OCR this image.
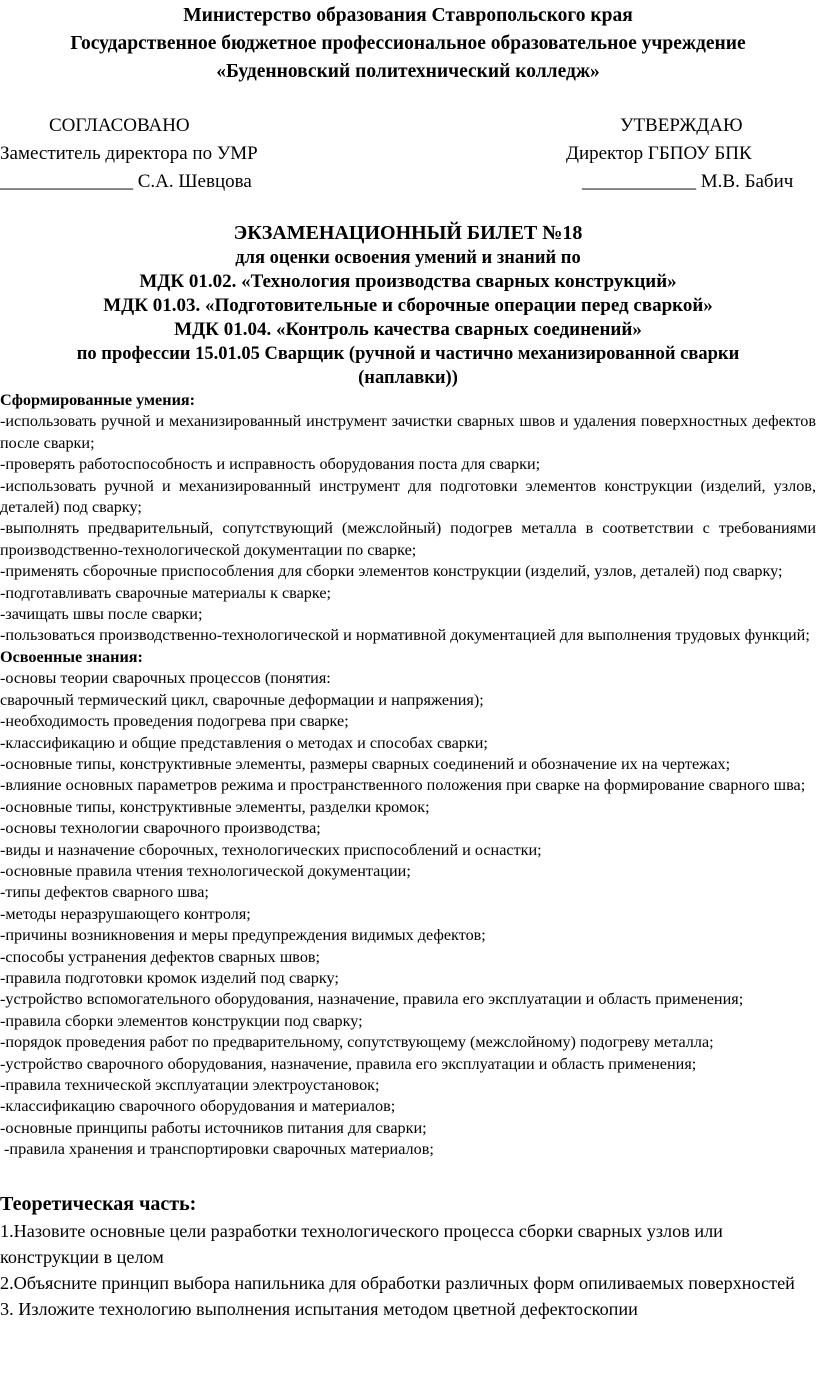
Министерство образования Ставропольского края
Государственное бюджетное профессиональное образовательное учреждение
«Буденновский политехнический колледж»
СОГЛАСОВАНО
Заместитель директора по УМР
______________ С.А. Шевцова
УТВЕРЖДАЮ
Директор ГБПОУ БПК
____________ М.В. Бабич
ЭКЗАМЕНАЦИОННЫЙ БИЛЕТ №18
для оценки освоения умений и знаний по
МДК 01.02. «Технология производства сварных конструкций»
МДК 01.03. «Подготовительные и сборочные операции перед сваркой»
МДК 01.04. «Контроль качества сварных соединений»
по профессии 15.01.05 Сварщик (ручной и частично механизированной сварки
(наплавки))

Сформированные умения:

-использовать ручной и механизированный инструмент зачистки сварных швов и удаления поверхностных дефектов после сварки;

-проверять работоспособность и исправность оборудования поста для сварки;

-использовать ручной и механизированный инструмент для подготовки элементов конструкции (изделий, узлов, деталей) под сварку;

-выполнять предварительный, сопутствующий (межслойный) подогрев металла в соответствии с требованиями производственно-технологической документации по сварке;

-применять сборочные приспособления для сборки элементов конструкции (изделий, узлов, деталей) под сварку;

-подготавливать сварочные материалы к сварке;

-зачищать швы после сварки;

-пользоваться производственно-технологической и нормативной документацией для выполнения трудовых функций;

Освоенные знания:

-основы теории сварочных процессов (понятия:

сварочный термический цикл, сварочные деформации и напряжения);

-необходимость проведения подогрева при сварке;

-классификацию и общие представления о методах и способах сварки;

-основные типы, конструктивные элементы, размеры сварных соединений и обозначение их на чертежах;

-влияние основных параметров режима и пространственного положения при сварке на формирование сварного шва;

-основные типы, конструктивные элементы, разделки кромок;

-основы технологии сварочного производства;

-виды и назначение сборочных, технологических приспособлений и оснастки;

-основные правила чтения технологической документации;

-типы дефектов сварного шва;

-методы неразрушающего контроля;

-причины возникновения и меры предупреждения видимых дефектов;

-способы устранения дефектов сварных швов;

-правила подготовки кромок изделий под сварку;

-устройство вспомогательного оборудования, назначение, правила его эксплуатации и область применения;

-правила сборки элементов конструкции под сварку;

-порядок проведения работ по предварительному, сопутствующему (межслойному) подогреву металла;

-устройство сварочного оборудования, назначение, правила его эксплуатации и область применения;

-правила технической эксплуатации электроустановок;

-классификацию сварочного оборудования и материалов;

-основные принципы работы источников питания для сварки;

-правила хранения и транспортировки сварочных материалов;

Теоретическая часть:

1.Назовите основные цели разработки технологического процесса сборки сварных узлов или конструкции в целом

2.Объясните принцип выбора напильника для обработки различных форм опиливаемых поверхностей

3. Изложите технологию выполнения испытания методом цветной дефектоскопии
